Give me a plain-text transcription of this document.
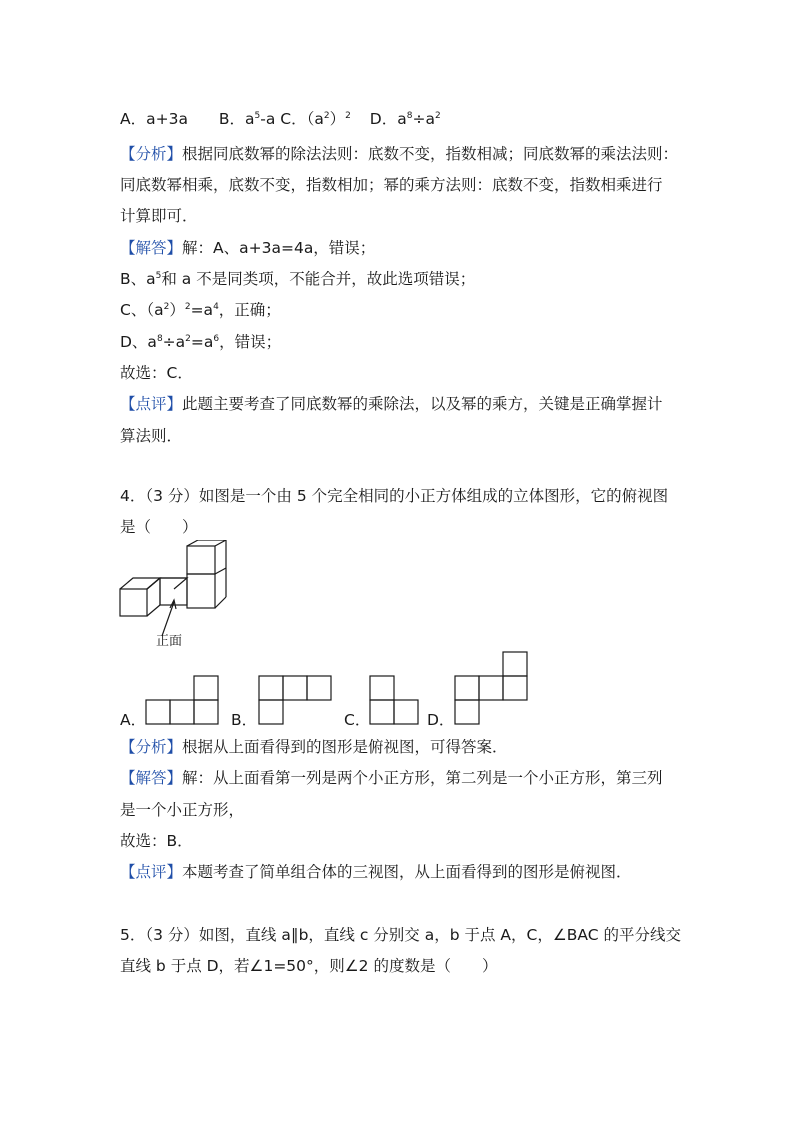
A．a+3a B．$a^5-a$ C．$(a^2)^2$ D．$a^8\div a^2$
【分析】根据同底数幂的除法法则：底数不变，指数相减；同底数幂的乘法法则：
同底数幂相乘，底数不变，指数相加；幂的乘方法则：底数不变，指数相乘进行
计算即可．
【解答】解：A、a+3a=4a，错误；
B、$a^5$和 a 不是同类项，不能合并，故此选项错误；
C、$(a^2)^2=a^4$，正确；
D、$a^8\div a^2=a^6$，错误；
故选：C．
【点评】此题主要考查了同底数幂的乘除法，以及幂的乘方，关键是正确掌握计
算法则．
4．（3 分）如图是一个由 5 个完全相同的小正方体组成的立体图形，它的俯视图
是（　　）
正面
A．	B．	C．	D．
【分析】根据从上面看得到的图形是俯视图，可得答案．
【解答】解：从上面看第一列是两个小正方形，第二列是一个小正方形，第三列
是一个小正方形，
故选：B．
【点评】本题考查了简单组合体的三视图，从上面看得到的图形是俯视图．
5．（3 分）如图，直线 a∥b，直线 c 分别交 a，b 于点 A，C，∠BAC 的平分线交
直线 b 于点 D，若∠1=50°，则∠2 的度数是（　　）
